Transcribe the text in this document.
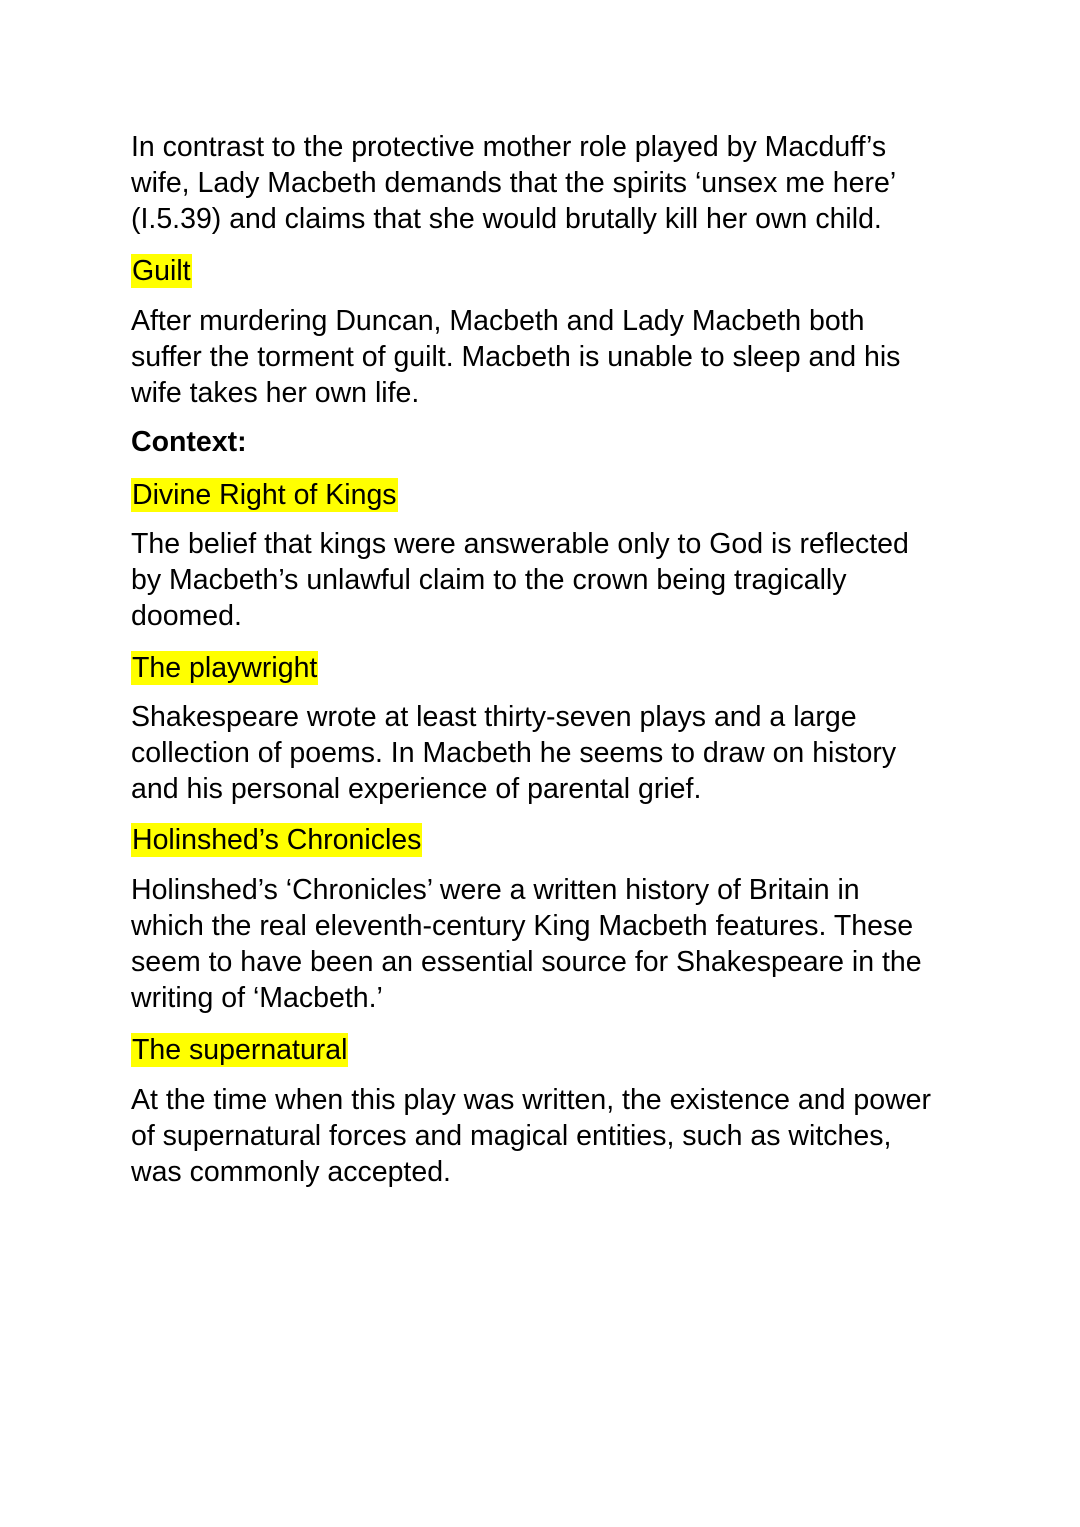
In contrast to the protective mother role played by Macduff’s
wife, Lady Macbeth demands that the spirits ‘unsex me here’
(I.5.39) and claims that she would brutally kill her own child.
Guilt
After murdering Duncan, Macbeth and Lady Macbeth both
suffer the torment of guilt. Macbeth is unable to sleep and his
wife takes her own life.
Context:
Divine Right of Kings
The belief that kings were answerable only to God is reflected
by Macbeth’s unlawful claim to the crown being tragically
doomed.
The playwright
Shakespeare wrote at least thirty-seven plays and a large
collection of poems. In Macbeth he seems to draw on history
and his personal experience of parental grief.
Holinshed’s Chronicles
Holinshed’s ‘Chronicles’ were a written history of Britain in
which the real eleventh-century King Macbeth features. These
seem to have been an essential source for Shakespeare in the
writing of ‘Macbeth.’
The supernatural
At the time when this play was written, the existence and power
of supernatural forces and magical entities, such as witches,
was commonly accepted.
